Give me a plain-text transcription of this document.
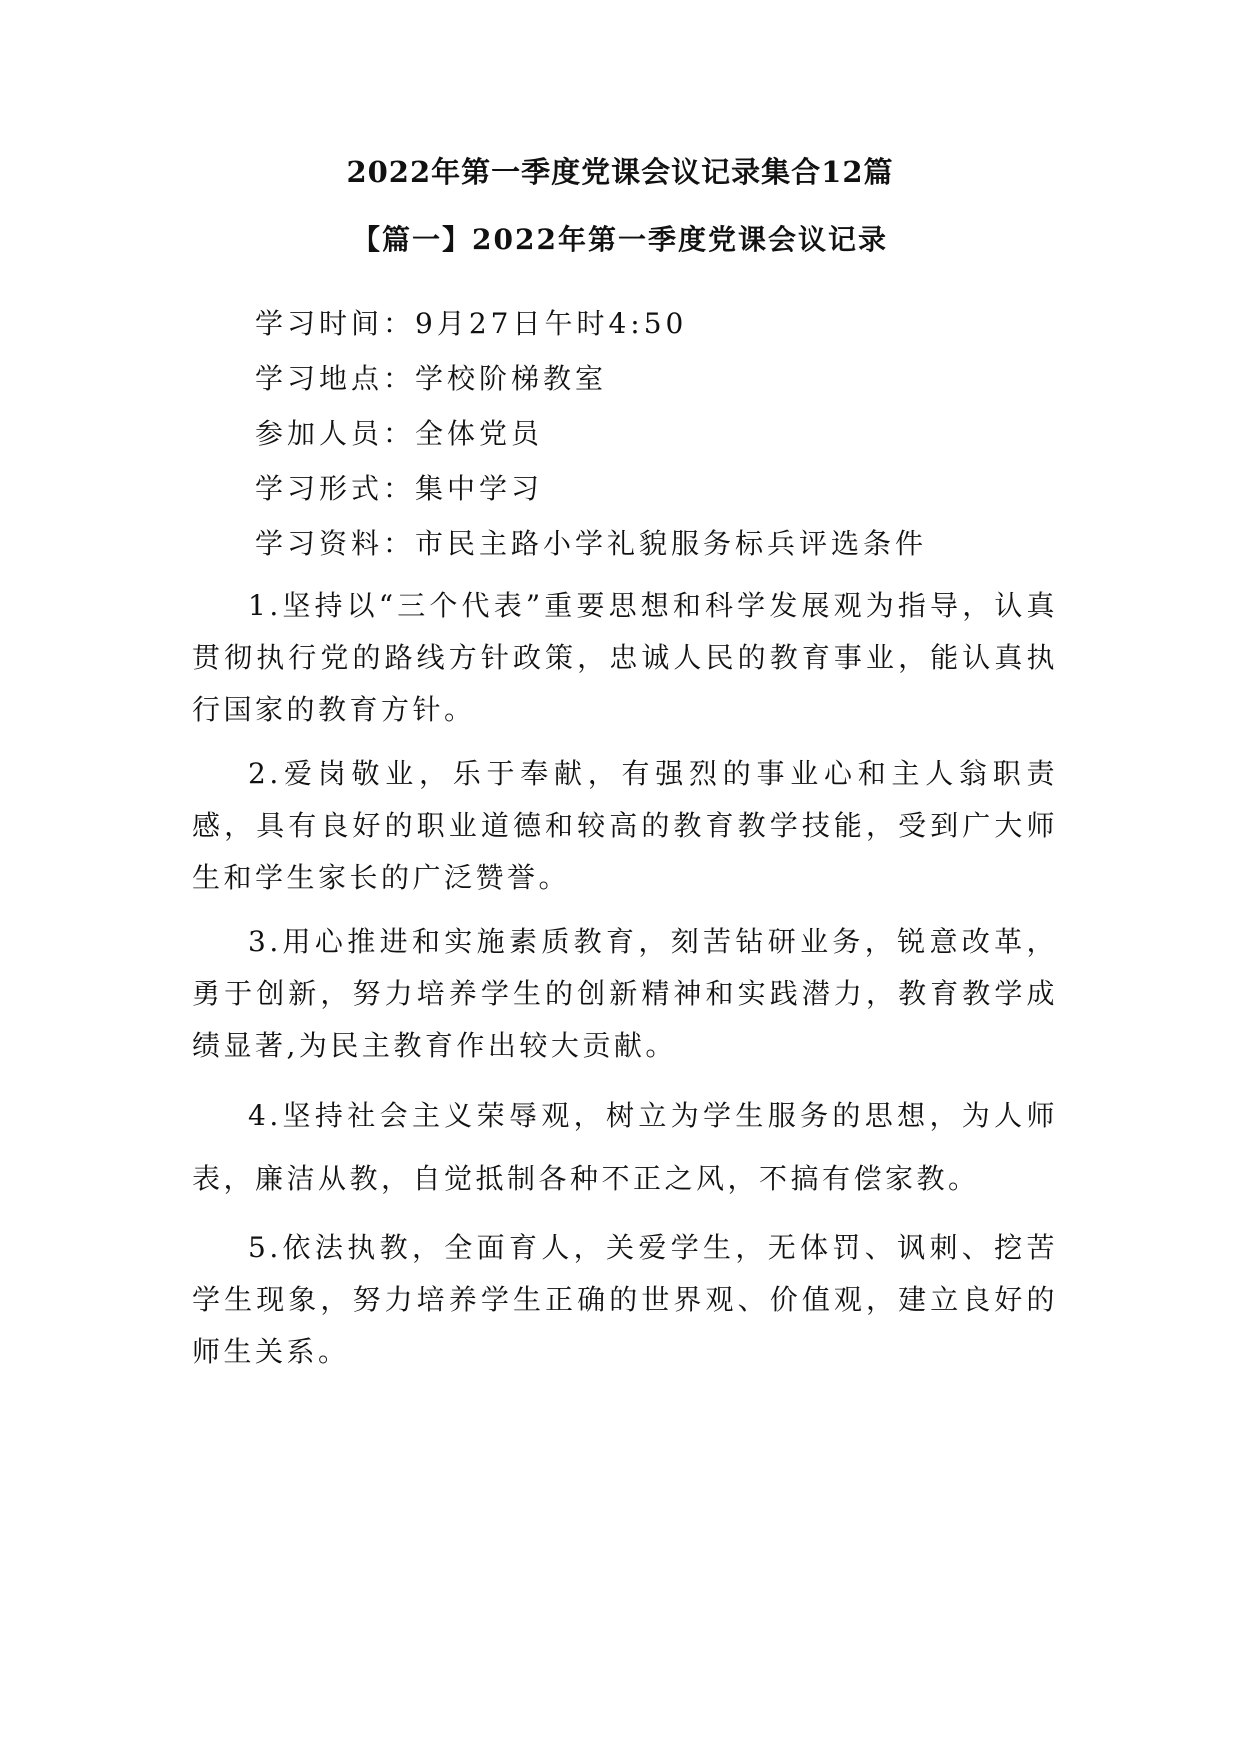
2022年第一季度党课会议记录集合12篇
【篇一】2022年第一季度党课会议记录
学习时间：9月27日午时4:50
学习地点：学校阶梯教室
参加人员：全体党员
学习形式：集中学习
学习资料：市民主路小学礼貌服务标兵评选条件

1.坚持以“三个代表”重要思想和科学发展观为指导，认真贯彻执行党的路线方针政策，忠诚人民的教育事业，能认真执行国家的教育方针。

2.爱岗敬业，乐于奉献，有强烈的事业心和主人翁职责感，具有良好的职业道德和较高的教育教学技能，受到广大师生和学生家长的广泛赞誉。

3.用心推进和实施素质教育，刻苦钻研业务，锐意改革，勇于创新，努力培养学生的创新精神和实践潜力，教育教学成绩显著,为民主教育作出较大贡献。

4.坚持社会主义荣辱观，树立为学生服务的思想，为人师表，廉洁从教，自觉抵制各种不正之风，不搞有偿家教。

5.依法执教，全面育人，关爱学生，无体罚、讽刺、挖苦学生现象，努力培养学生正确的世界观、价值观，建立良好的师生关系。
